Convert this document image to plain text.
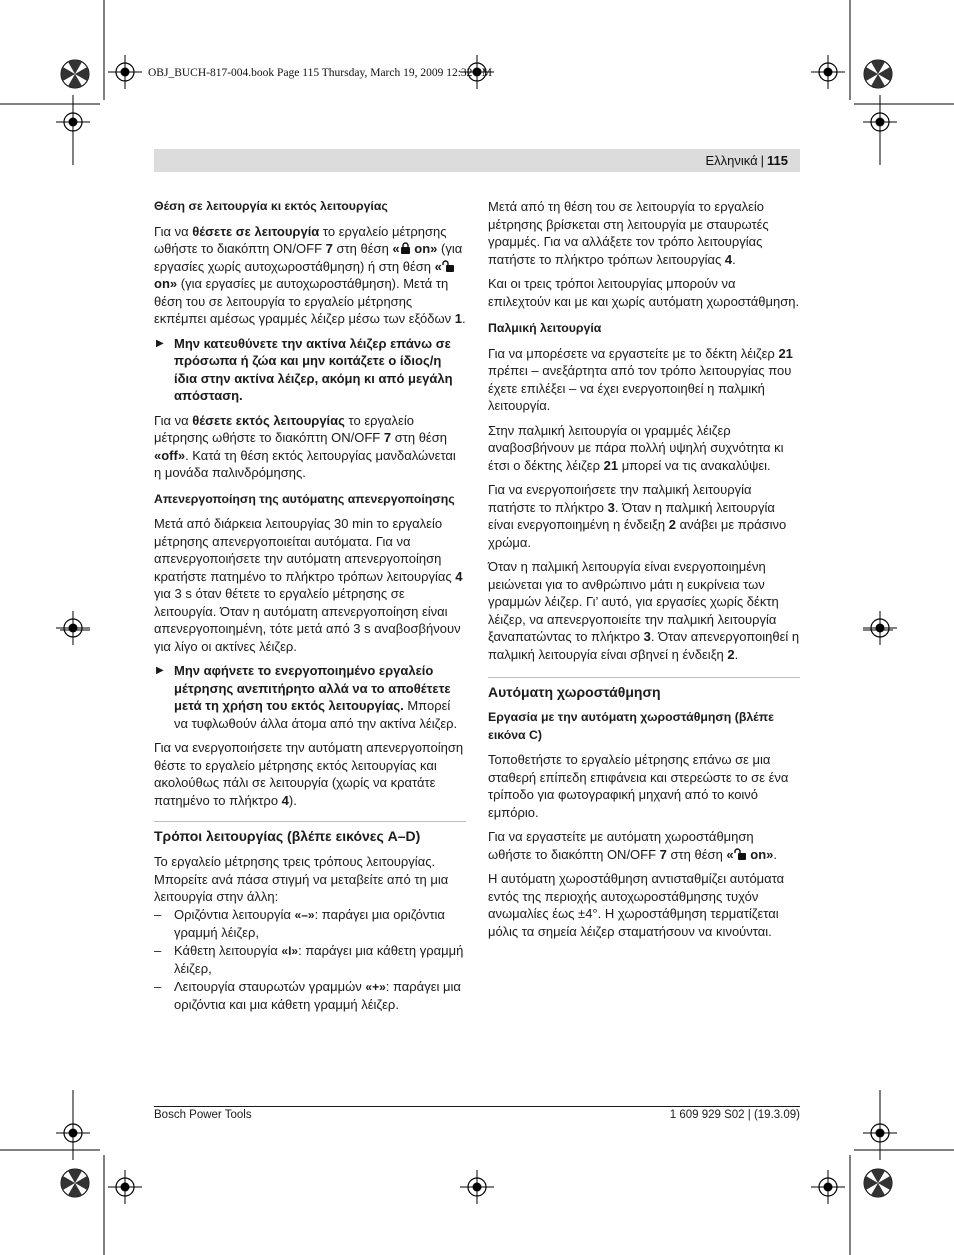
OBJ_BUCH-817-004.book Page 115 Thursday, March 19, 2009 12:32 PM
Ελληνικά | 115
Θέση σε λειτουργία κι εκτός λειτουργίας

Για να θέσετε σε λειτουργία το εργαλείο μέτρησης ωθήστε το διακόπτη ON/OFF 7 στη θέση « on» (για εργασίες χωρίς αυτοχωροστάθμηση) ή στη θέση « on» (για εργασίες με αυτοχωροστάθμηση). Μετά τη θέση του σε λειτουργία το εργαλείο μέτρησης εκπέμπει αμέσως γραμμές λέιζερ μέσω των εξόδων 1.

▶ Μην κατευθύνετε την ακτίνα λέιζερ επάνω σε πρόσωπα ή ζώα και μην κοιτάζετε ο ίδιος/η ίδια στην ακτίνα λέιζερ, ακόμη κι από μεγάλη απόσταση.

Για να θέσετε εκτός λειτουργίας το εργαλείο μέτρησης ωθήστε το διακόπτη ON/OFF 7 στη θέση «off». Κατά τη θέση εκτός λειτουργίας μανδαλώνεται η μονάδα παλινδρόμησης.

Απενεργοποίηση της αυτόματης απενεργοποίησης

Μετά από διάρκεια λειτουργίας 30 min το εργαλείο μέτρησης απενεργοποιείται αυτόματα. Για να απενεργοποιήσετε την αυτόματη απενεργοποίηση κρατήστε πατημένο το πλήκτρο τρόπων λειτουργίας 4 για 3 s όταν θέτετε το εργαλείο μέτρησης σε λειτουργία. Όταν η αυτόματη απενεργοποίηση είναι απενεργοποιημένη, τότε μετά από 3 s αναβοσβήνουν για λίγο οι ακτίνες λέιζερ.

▶ Μην αφήνετε το ενεργοποιημένο εργαλείο μέτρησης ανεπιτήρητο αλλά να το αποθέτετε μετά τη χρήση του εκτός λειτουργίας. Μπορεί να τυφλωθούν άλλα άτομα από την ακτίνα λέιζερ.

Για να ενεργοποιήσετε την αυτόματη απενεργοποίηση θέστε το εργαλείο μέτρησης εκτός λειτουργίας και ακολούθως πάλι σε λειτουργία (χωρίς να κρατάτε πατημένο το πλήκτρο 4).

Τρόποι λειτουργίας (βλέπε εικόνες A–D)

Το εργαλείο μέτρησης τρεις τρόπους λειτουργίας. Μπορείτε ανά πάσα στιγμή να μεταβείτε από τη μια λειτουργία στην άλλη:

– Οριζόντια λειτουργία «–»: παράγει μια οριζόντια γραμμή λέιζερ,
– Κάθετη λειτουργία «I»: παράγει μια κάθετη γραμμή λέιζερ,
– Λειτουργία σταυρωτών γραμμών «+»: παράγει μια οριζόντια και μια κάθετη γραμμή λέιζερ.

Μετά από τη θέση του σε λειτουργία το εργαλείο μέτρησης βρίσκεται στη λειτουργία με σταυρωτές γραμμές. Για να αλλάξετε τον τρόπο λειτουργίας πατήστε το πλήκτρο τρόπων λειτουργίας 4.

Και οι τρεις τρόποι λειτουργίας μπορούν να επιλεχτούν και με και χωρίς αυτόματη χωροστάθμηση.

Παλμική λειτουργία

Για να μπορέσετε να εργαστείτε με το δέκτη λέιζερ 21 πρέπει – ανεξάρτητα από τον τρόπο λειτουργίας που έχετε επιλέξει – να έχει ενεργοποιηθεί η παλμική λειτουργία.

Στην παλμική λειτουργία οι γραμμές λέιζερ αναβοσβήνουν με πάρα πολλή υψηλή συχνότητα κι έτσι ο δέκτης λέιζερ 21 μπορεί να τις ανακαλύψει.

Για να ενεργοποιήσετε την παλμική λειτουργία πατήστε το πλήκτρο 3. Όταν η παλμική λειτουργία είναι ενεργοποιημένη η ένδειξη 2 ανάβει με πράσινο χρώμα.

Όταν η παλμική λειτουργία είναι ενεργοποιημένη μειώνεται για το ανθρώπινο μάτι η ευκρίνεια των γραμμών λέιζερ. Γι’ αυτό, για εργασίες χωρίς δέκτη λέιζερ, να απενεργοποιείτε την παλμική λειτουργία ξαναπατώντας το πλήκτρο 3. Όταν απενεργοποιηθεί η παλμική λειτουργία είναι σβηνεί η ένδειξη 2.

Αυτόματη χωροστάθμηση
Εργασία με την αυτόματη χωροστάθμηση (βλέπε εικόνα C)

Τοποθετήστε το εργαλείο μέτρησης επάνω σε μια σταθερή επίπεδη επιφάνεια και στερεώστε το σε ένα τρίποδο για φωτογραφική μηχανή από το κοινό εμπόριο.

Για να εργαστείτε με αυτόματη χωροστάθμηση ωθήστε το διακόπτη ON/OFF 7 στη θέση « on».

Η αυτόματη χωροστάθμηση αντισταθμίζει αυτόματα εντός της περιοχής αυτοχωροστάθμησης τυχόν ανωμαλίες έως ±4°. Η χωροστάθμηση τερματίζεται μόλις τα σημεία λέιζερ σταματήσουν να κινούνται.

Bosch Power Tools	1 609 929 S02 | (19.3.09)
